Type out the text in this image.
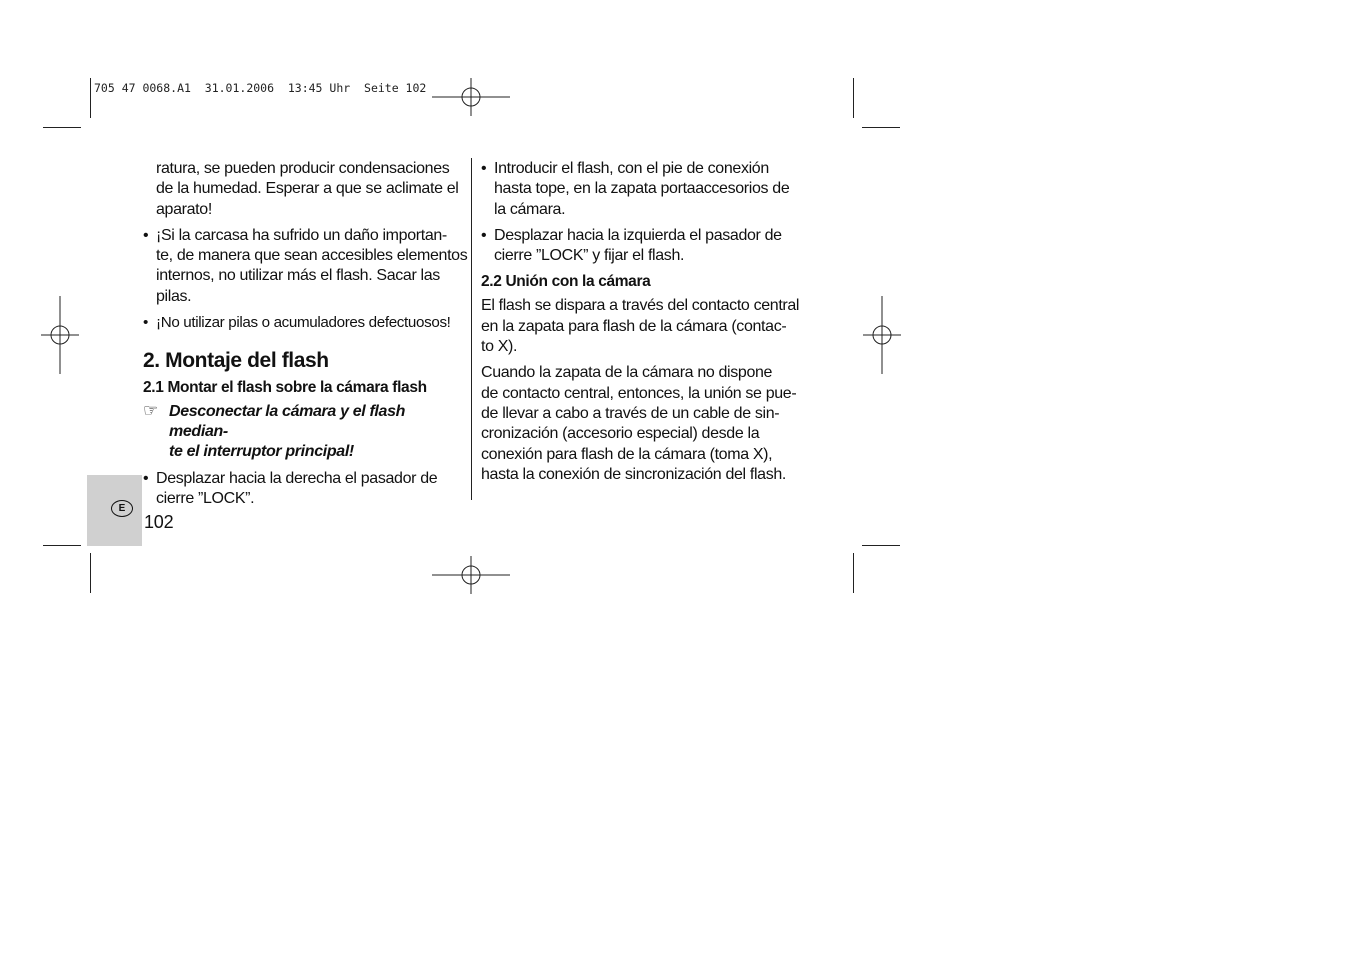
705 47 0068.A1  31.01.2006  13:45 Uhr  Seite 102
ratura, se pueden producir condensaciones
de la humedad. Esperar a que se aclimate el
aparato!
• ¡Si la carcasa ha sufrido un daño importan-
te, de manera que sean accesibles elementos
internos, no utilizar más el flash. Sacar las
pilas.
• ¡No utilizar pilas o acumuladores defectuosos!
2. Montaje del flash
2.1 Montar el flash sobre la cámara flash
☞ Desconectar la cámara y el flash median-
te el interruptor principal!
• Desplazar hacia la derecha el pasador de
cierre ”LOCK”.
• Introducir el flash, con el pie de conexión
hasta tope, en la zapata portaaccesorios de
la cámara.
• Desplazar hacia la izquierda el pasador de
cierre ”LOCK” y fijar el flash.
2.2 Unión con la cámara
El flash se dispara a través del contacto central
en la zapata para flash de la cámara (contac-
to X).
Cuando la zapata de la cámara no dispone
de contacto central, entonces, la unión se pue-
de llevar a cabo a través de un cable de sin-
cronización (accesorio especial) desde la
conexión para flash de la cámara (toma X),
hasta la conexión de sincronización del flash.
E
102
